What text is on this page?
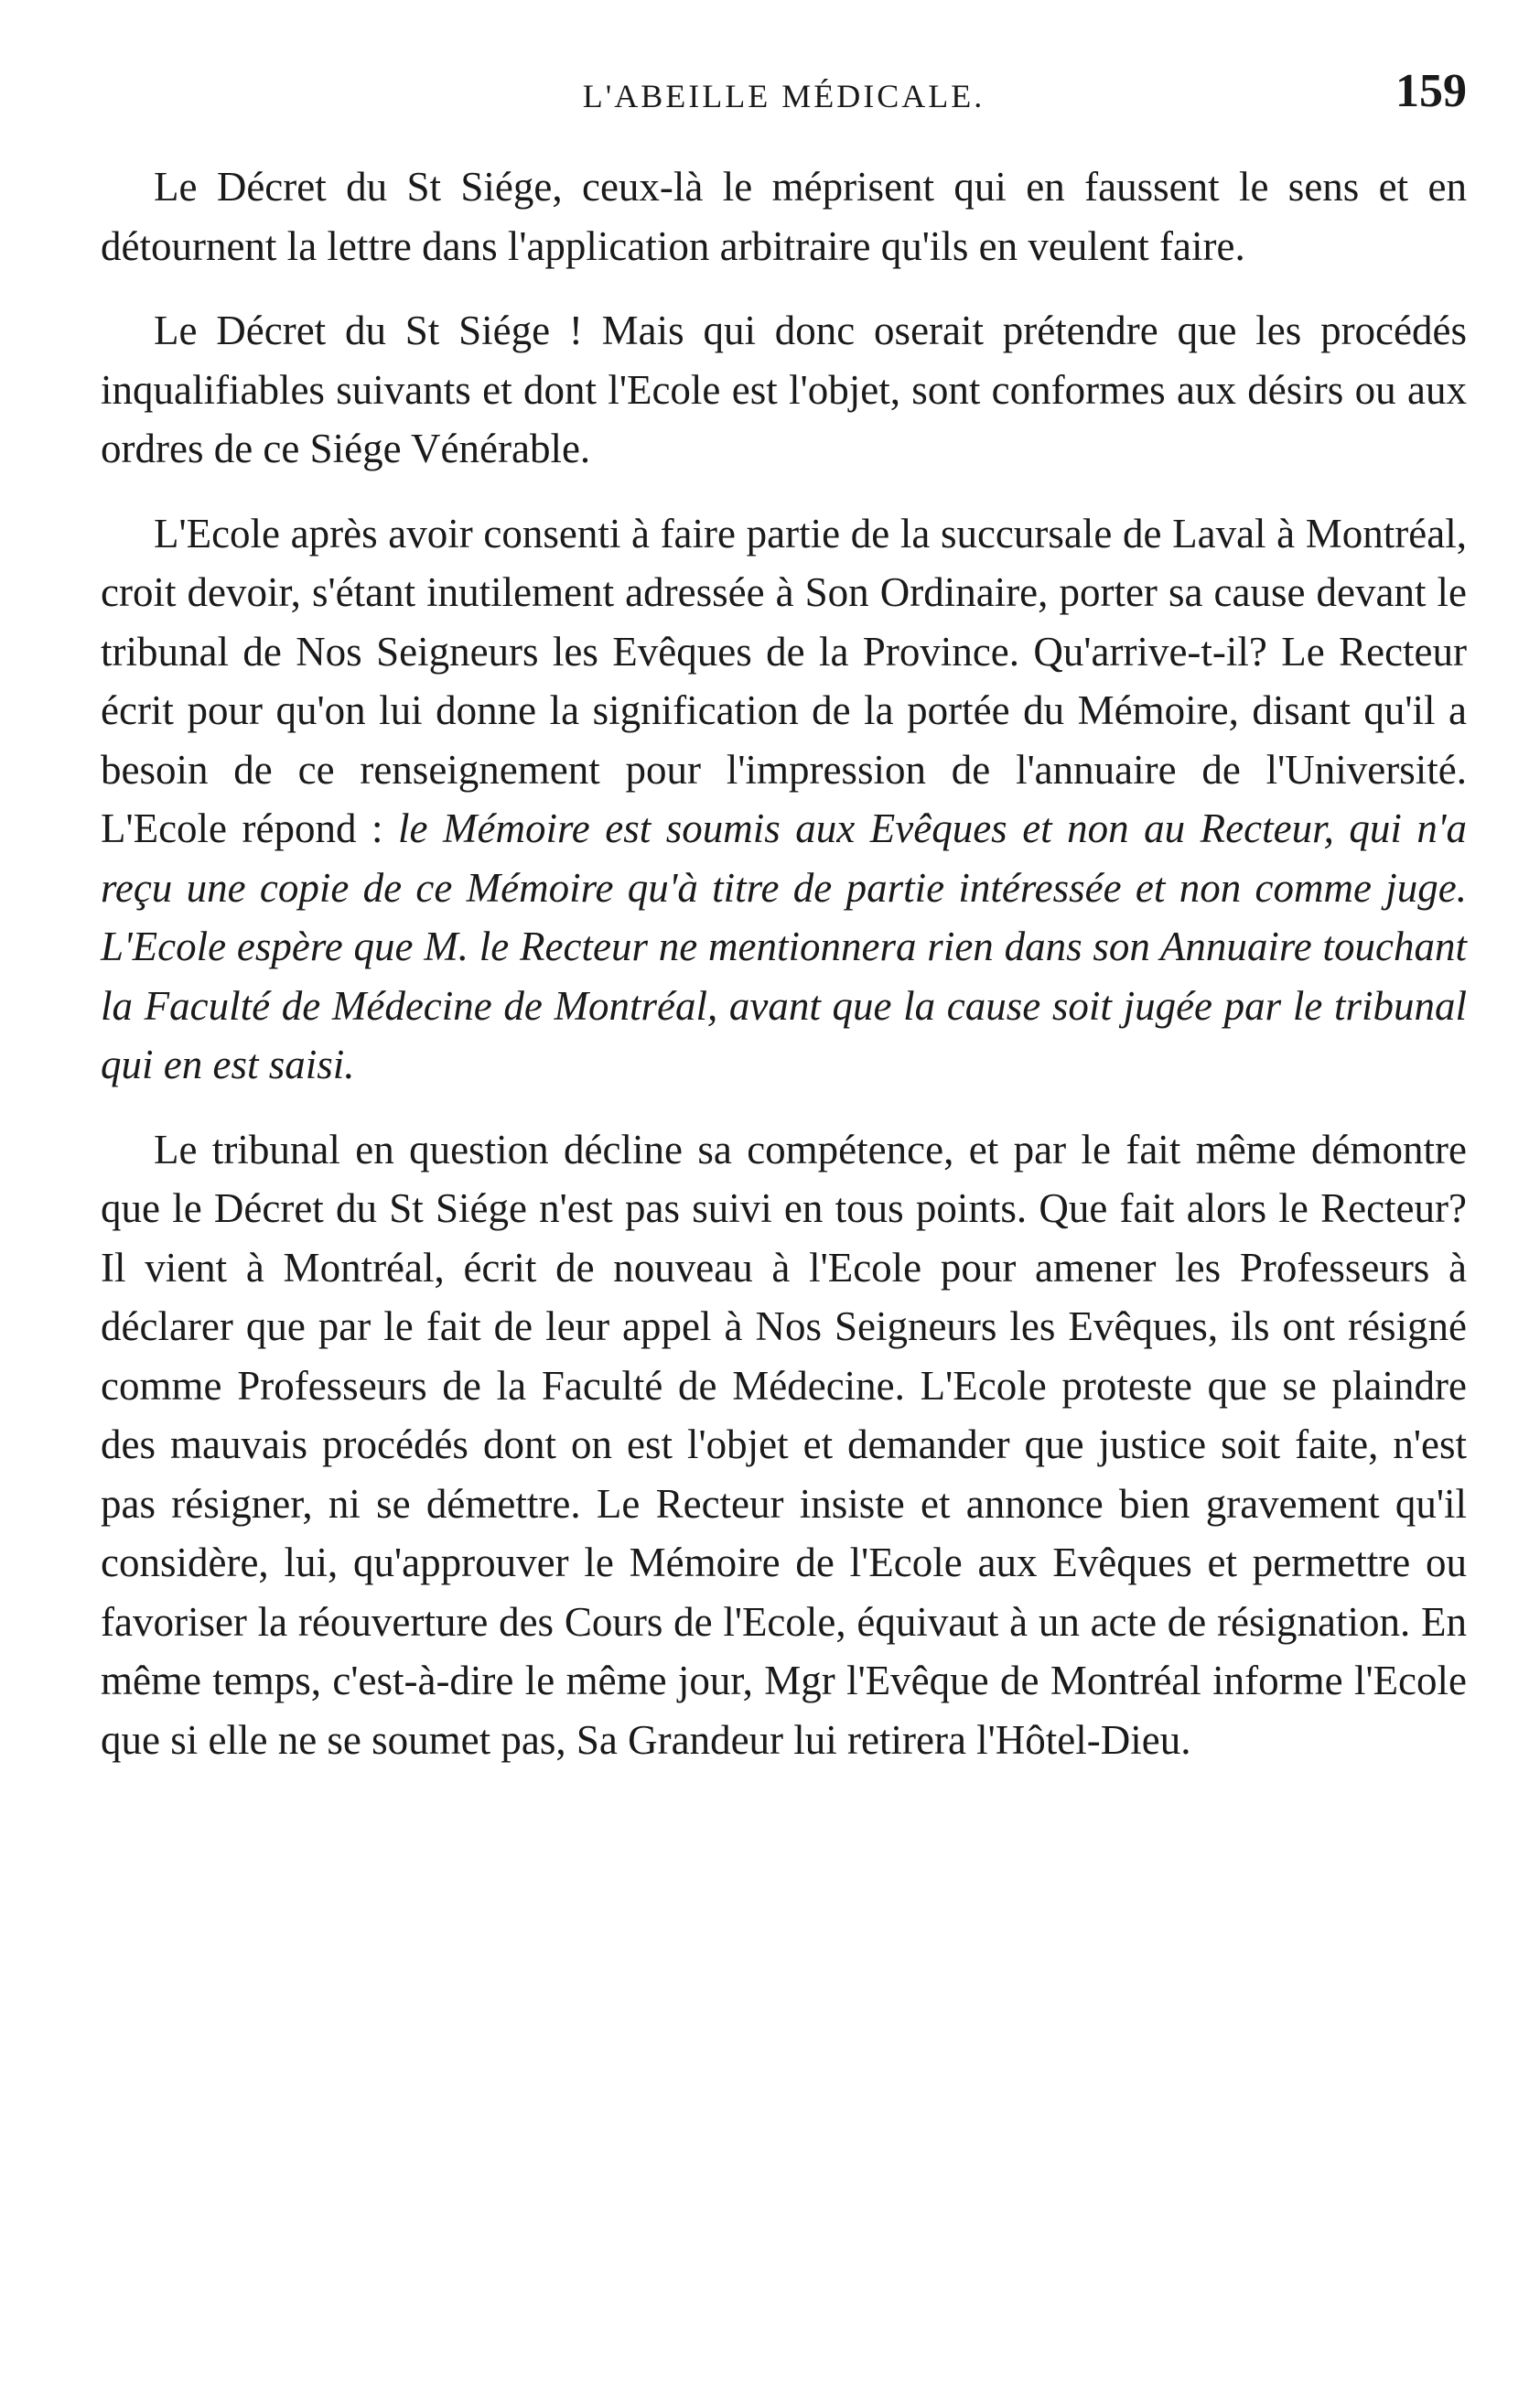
L'ABEILLE MÉDICALE.	159

Le Décret du St Siége, ceux-là le méprisent qui en faussent le sens et en détournent la lettre dans l'application arbitraire qu'ils en veulent faire.

Le Décret du St Siége ! Mais qui donc oserait prétendre que les procédés inqualifiables suivants et dont l'Ecole est l'objet, sont conformes aux désirs ou aux ordres de ce Siége Vénérable.

L'Ecole après avoir consenti à faire partie de la succursale de Laval à Montréal, croit devoir, s'étant inutilement adressée à Son Ordinaire, porter sa cause devant le tribunal de Nos Seigneurs les Evêques de la Province. Qu'arrive-t-il? Le Recteur écrit pour qu'on lui donne la signification de la portée du Mémoire, disant qu'il a besoin de ce renseignement pour l'impression de l'annuaire de l'Université. L'Ecole répond : le Mémoire est soumis aux Evêques et non au Recteur, qui n'a reçu une copie de ce Mémoire qu'à titre de partie intéressée et non comme juge. L'Ecole espère que M. le Recteur ne mentionnera rien dans son Annuaire touchant la Faculté de Médecine de Montréal, avant que la cause soit jugée par le tribunal qui en est saisi.

Le tribunal en question décline sa compétence, et par le fait même démontre que le Décret du St Siége n'est pas suivi en tous points. Que fait alors le Recteur? Il vient à Montréal, écrit de nouveau à l'Ecole pour amener les Professeurs à déclarer que par le fait de leur appel à Nos Seigneurs les Evêques, ils ont résigné comme Professeurs de la Faculté de Médecine. L'Ecole proteste que se plaindre des mauvais procédés dont on est l'objet et demander que justice soit faite, n'est pas résigner, ni se démettre. Le Recteur insiste et annonce bien gravement qu'il considère, lui, qu'approuver le Mémoire de l'Ecole aux Evêques et permettre ou favoriser la réouverture des Cours de l'Ecole, équivaut à un acte de résignation. En même temps, c'est-à-dire le même jour, Mgr l'Evêque de Montréal informe l'Ecole que si elle ne se soumet pas, Sa Grandeur lui retirera l'Hôtel-Dieu.
